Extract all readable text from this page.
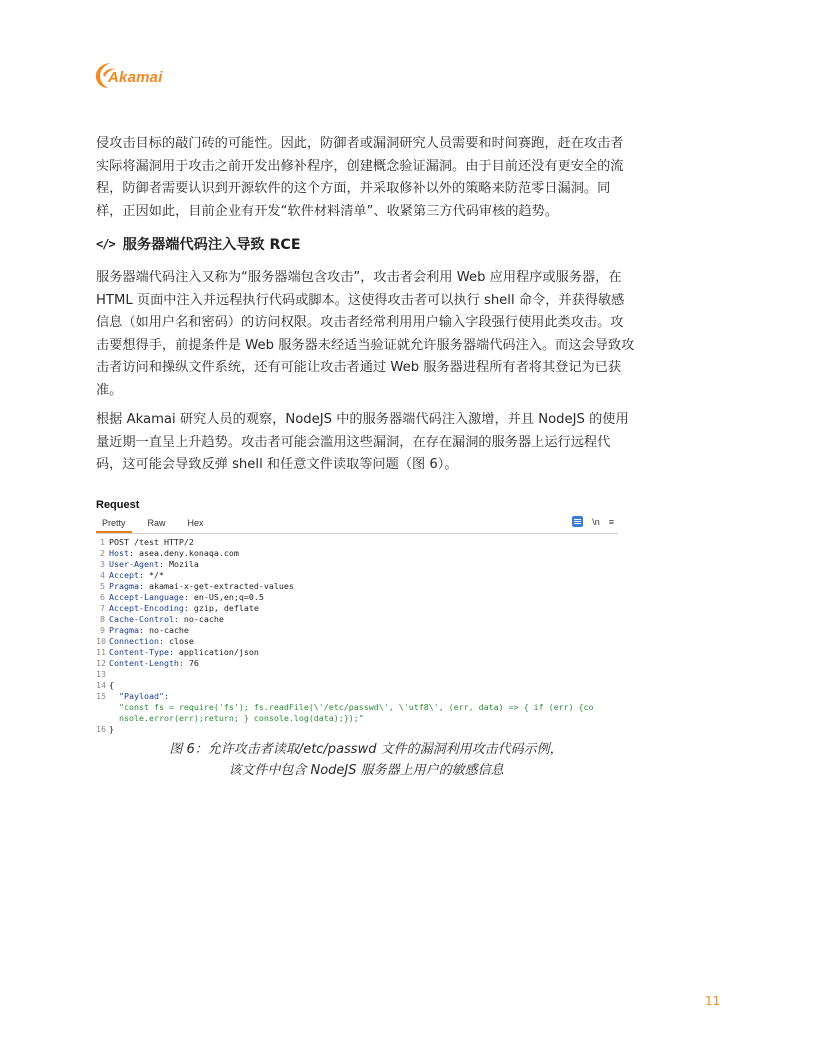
Akamai
侵攻击目标的敲门砖的可能性。因此，防御者或漏洞研究人员需要和时间赛跑，赶在攻击者实际将漏洞用于攻击之前开发出修补程序，创建概念验证漏洞。由于目前还没有更安全的流程，防御者需要认识到开源软件的这个方面，并采取修补以外的策略来防范零日漏洞。同样，正因如此，目前企业有开发“软件材料清单”、收紧第三方代码审核的趋势。
</> 服务器端代码注入导致 RCE
服务器端代码注入又称为“服务器端包含攻击”，攻击者会利用 Web 应用程序或服务器，在 HTML 页面中注入并远程执行代码或脚本。这使得攻击者可以执行 shell 命令，并获得敏感信息（如用户名和密码）的访问权限。攻击者经常利用用户输入字段强行使用此类攻击。攻击要想得手，前提条件是 Web 服务器未经适当验证就允许服务器端代码注入。而这会导致攻击者访问和操纵文件系统，还有可能让攻击者通过 Web 服务器进程所有者将其登记为已获准。
根据 Akamai 研究人员的观察，NodeJS 中的服务器端代码注入激增，并且 NodeJS 的使用量近期一直呈上升趋势。攻击者可能会滥用这些漏洞，在存在漏洞的服务器上运行远程代码，这可能会导致反弹 shell 和任意文件读取等问题（图 6）。
Request
Pretty	Raw	Hex	\n ≡
1 POST /test HTTP/2
2 Host: asea.deny.konaqa.com
3 User-Agent: Mozila
4 Accept: */*
5 Pragma: akamai-x-get-extracted-values
6 Accept-Language: en-US,en;q=0.5
7 Accept-Encoding: gzip, deflate
8 Cache-Control: no-cache
9 Pragma: no-cache
10 Connection: close
11 Content-Type: application/json
12 Content-Length: 76
13
14 {
15	"Payload":
"const fs = require('fs'); fs.readFile(\'/etc/passwd\', \'utf8\', (err, data) => { if (err) {co
nsole.error(err);return; } console.log(data);});"
16 }
图 6：允许攻击者读取/etc/passwd 文件的漏洞利用攻击代码示例，
该文件中包含 NodeJS 服务器上用户的敏感信息
11
